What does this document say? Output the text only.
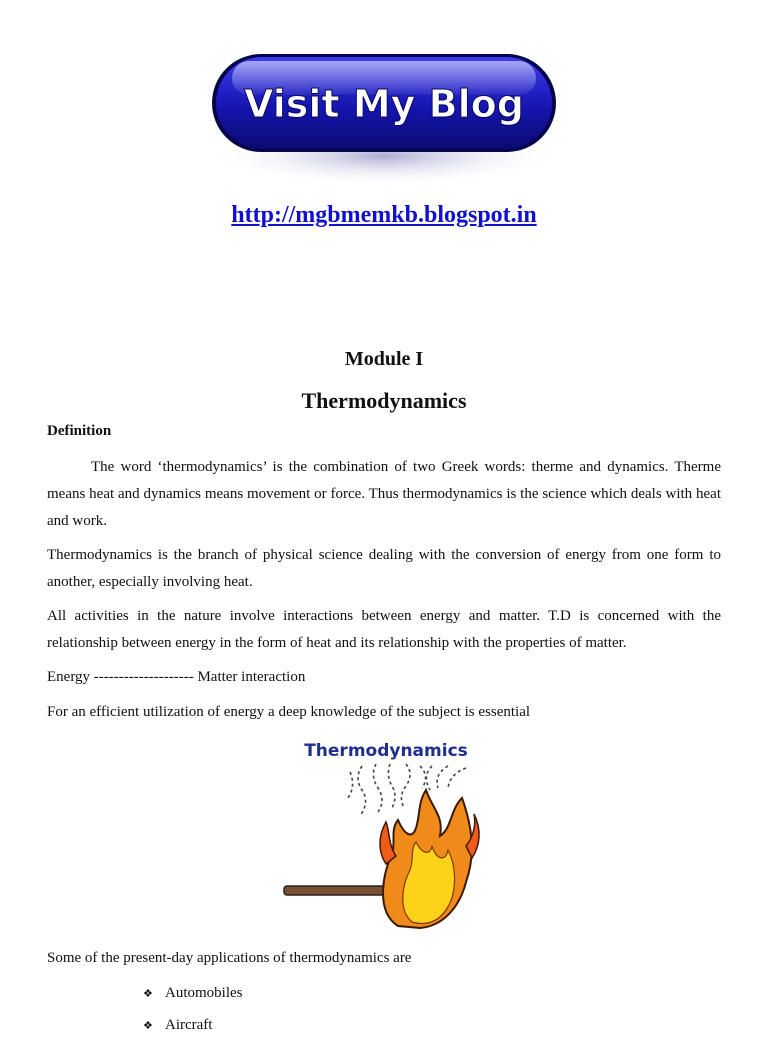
Visit My Blog
http://mgbmemkb.blogspot.in
Module I
Thermodynamics
Definition
The word ‘thermodynamics’ is the combination of two Greek words: therme and dynamics. Therme means heat and dynamics means movement or force. Thus thermodynamics is the science which deals with heat and work.
Thermodynamics is the branch of physical science dealing with the conversion of energy from one form to another, especially involving heat.
All activities in the nature involve interactions between energy and matter. T.D is concerned with the relationship between energy in the form of heat and its relationship with the properties of matter.
Energy -------------------- Matter interaction
For an efficient utilization of energy a deep knowledge of the subject is essential
Thermodynamics
Some of the present-day applications of thermodynamics are
❖ Automobiles
❖ Aircraft
